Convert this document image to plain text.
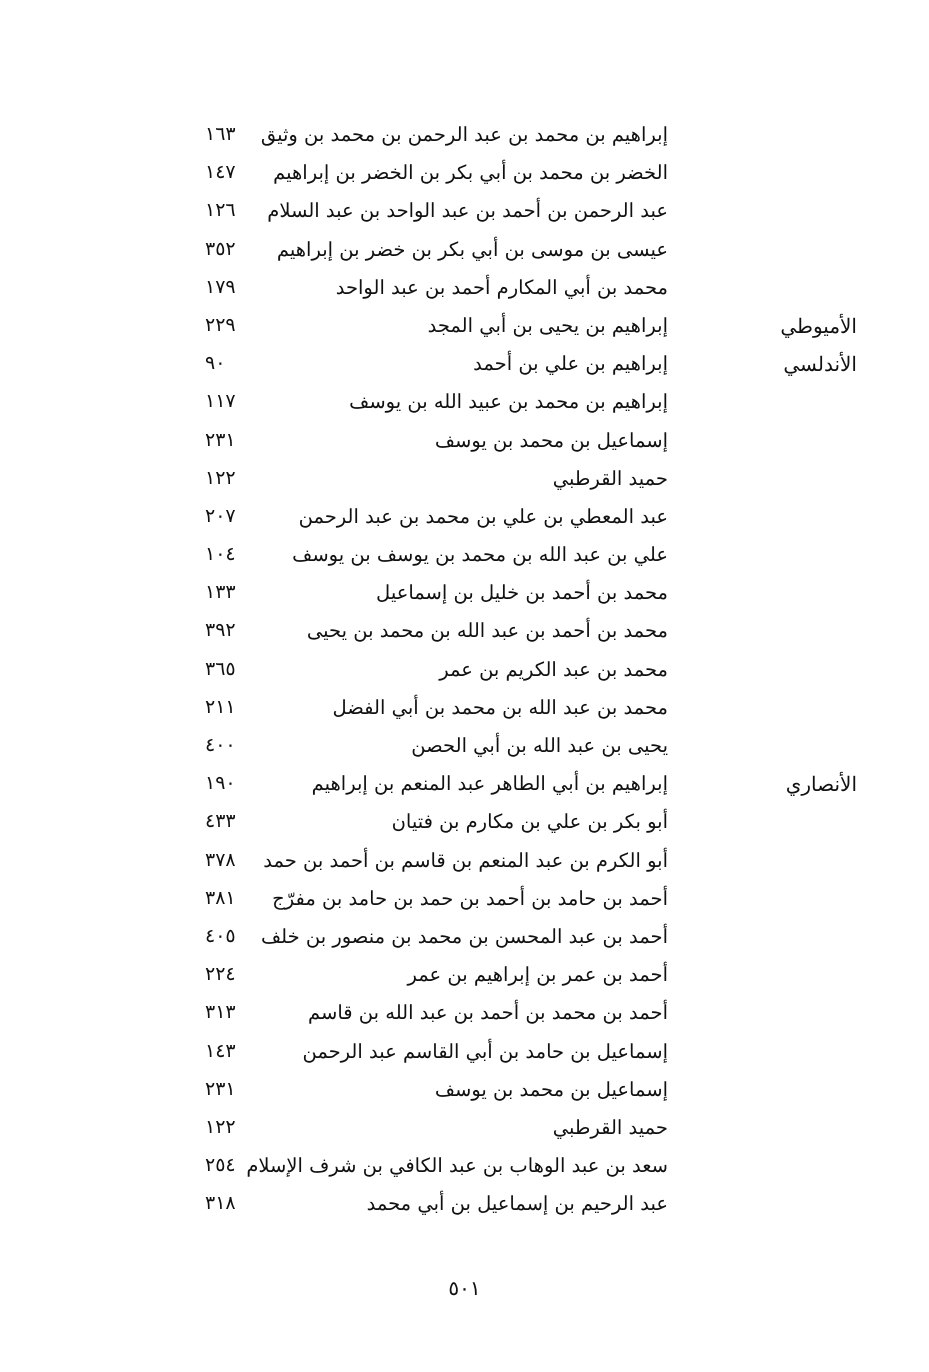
إبراهيم بن محمد بن عبد الرحمن بن محمد بن وثيق
١٦٣
الخضر بن محمد بن أبي بكر بن الخضر بن إبراهيم
١٤٧
عبد الرحمن بن أحمد بن عبد الواحد بن عبد السلام
١٢٦
عيسى بن موسى بن أبي بكر بن خضر بن إبراهيم
٣٥٢
محمد بن أبي المكارم أحمد بن عبد الواحد
١٧٩
الأميوطي
إبراهيم بن يحيى بن أبي المجد
٢٢٩
الأندلسي
إبراهيم بن علي بن أحمد
٩٠
إبراهيم بن محمد بن عبيد الله بن يوسف
١١٧
إسماعيل بن محمد بن يوسف
٢٣١
حميد القرطبي
١٢٢
عبد المعطي بن علي بن محمد بن عبد الرحمن
٢٠٧
علي بن عبد الله بن محمد بن يوسف بن يوسف
١٠٤
محمد بن أحمد بن خليل بن إسماعيل
١٣٣
محمد بن أحمد بن عبد الله بن محمد بن يحيى
٣٩٢
محمد بن عبد الكريم بن عمر
٣٦٥
محمد بن عبد الله بن محمد بن أبي الفضل
٢١١
يحيى بن عبد الله بن أبي الحصن
٤٠٠
الأنصاري
إبراهيم بن أبي الطاهر عبد المنعم بن إبراهيم
١٩٠
أبو بكر بن علي بن مكارم بن فتيان
٤٣٣
أبو الكرم بن عبد المنعم بن قاسم بن أحمد بن حمد
٣٧٨
أحمد بن حامد بن أحمد بن حمد بن حامد بن مفرّج
٣٨١
أحمد بن عبد المحسن بن محمد بن منصور بن خلف
٤٠٥
أحمد بن عمر بن إبراهيم بن عمر
٢٢٤
أحمد بن محمد بن أحمد بن عبد الله بن قاسم
٣١٣
إسماعيل بن حامد بن أبي القاسم عبد الرحمن
١٤٣
إسماعيل بن محمد بن يوسف
٢٣١
حميد القرطبي
١٢٢
سعد بن عبد الوهاب بن عبد الكافي بن شرف الإسلام
٢٥٤
عبد الرحيم بن إسماعيل بن أبي محمد
٣١٨
٥٠١
